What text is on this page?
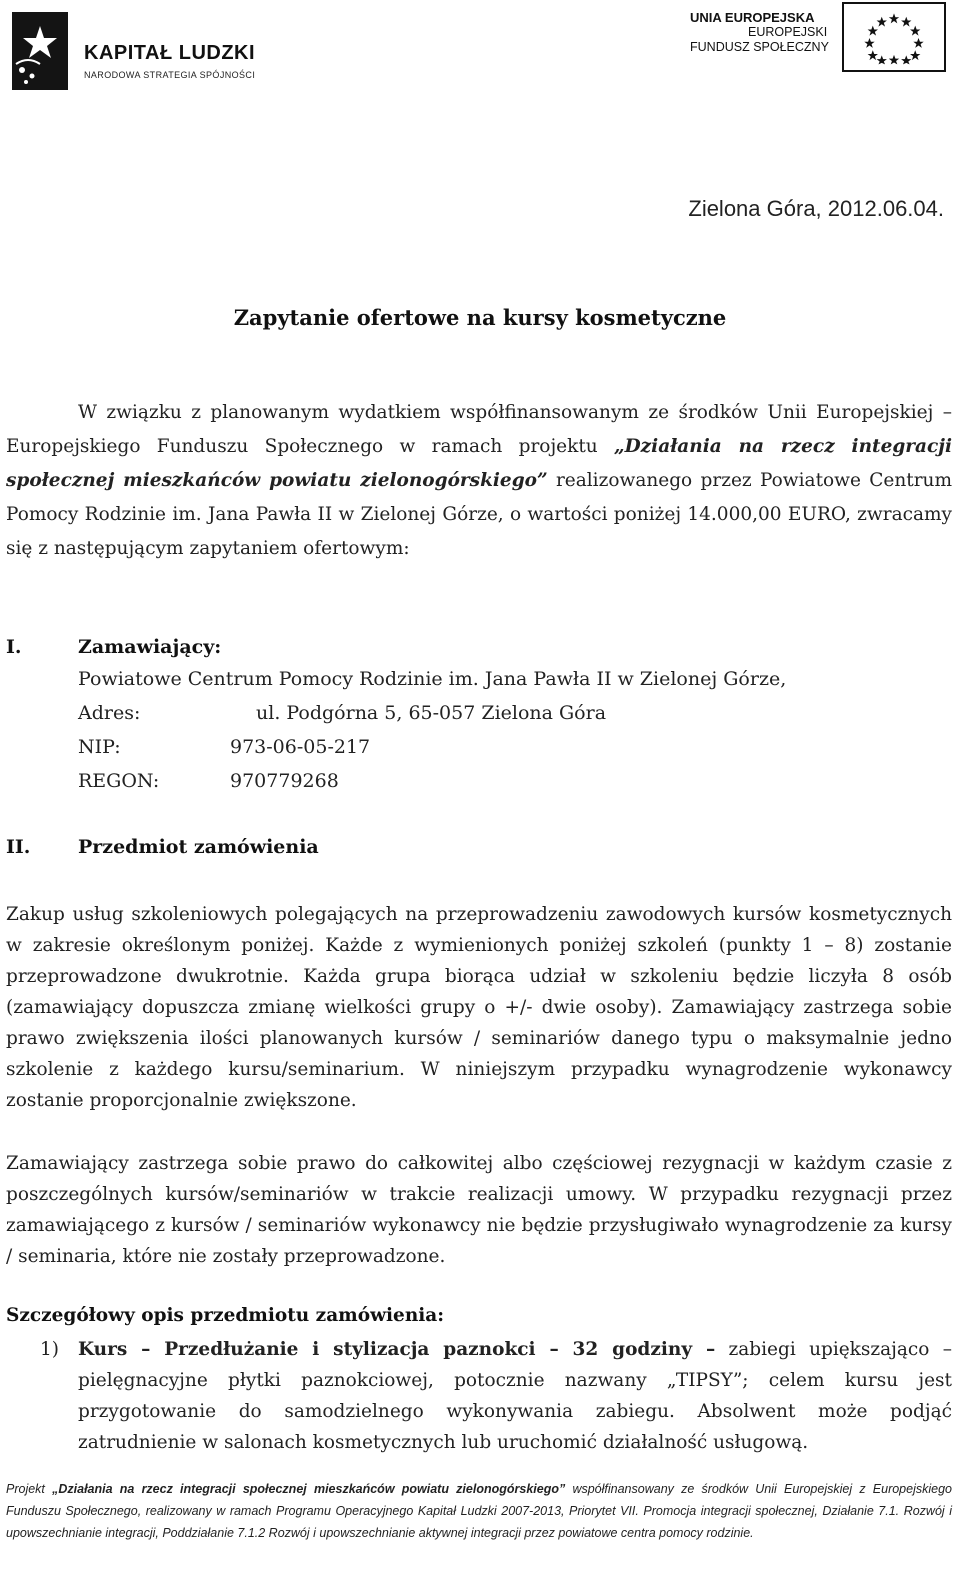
KAPITAŁ LUDZKI
NARODOWA STRATEGIA SPÓJNOŚCI
UNIA EUROPEJSKA
EUROPEJSKI
FUNDUSZ SPOŁECZNY
Zielona Góra, 2012.06.04.
Zapytanie ofertowe na kursy kosmetyczne
W związku z planowanym wydatkiem współfinansowanym ze środków Unii Europejskiej – Europejskiego Funduszu Społecznego w ramach projektu „Działania na rzecz integracji społecznej mieszkańców powiatu zielonogórskiego” realizowanego przez Powiatowe Centrum Pomocy Rodzinie im. Jana Pawła II w Zielonej Górze, o wartości poniżej 14.000,00 EURO, zwracamy się z następującym zapytaniem ofertowym:
I.	Zamawiający:
Powiatowe Centrum Pomocy Rodzinie im. Jana Pawła II w Zielonej Górze,
Adres:	ul. Podgórna 5, 65-057 Zielona Góra
NIP:	973-06-05-217
REGON:	970779268
II.	Przedmiot zamówienia
Zakup usług szkoleniowych polegających na przeprowadzeniu zawodowych kursów kosmetycznych w zakresie określonym poniżej. Każde z wymienionych poniżej szkoleń (punkty 1 – 8) zostanie przeprowadzone dwukrotnie. Każda grupa biorąca udział w szkoleniu będzie liczyła 8 osób (zamawiający dopuszcza zmianę wielkości grupy o +/- dwie osoby). Zamawiający zastrzega sobie prawo zwiększenia ilości planowanych kursów / seminariów danego typu o maksymalnie jedno szkolenie z każdego kursu/seminarium. W niniejszym przypadku wynagrodzenie wykonawcy zostanie proporcjonalnie zwiększone.
Zamawiający zastrzega sobie prawo do całkowitej albo częściowej rezygnacji w każdym czasie z poszczególnych kursów/seminariów w trakcie realizacji umowy. W przypadku rezygnacji przez zamawiającego z kursów / seminariów wykonawcy nie będzie przysługiwało wynagrodzenie za kursy / seminaria, które nie zostały przeprowadzone.
Szczegółowy opis przedmiotu zamówienia:
1)	Kurs – Przedłużanie i stylizacja paznokci – 32 godziny – zabiegi upiększająco – pielęgnacyjne płytki paznokciowej, potocznie nazwany „TIPSY”; celem kursu jest przygotowanie do samodzielnego wykonywania zabiegu. Absolwent może podjąć zatrudnienie w salonach kosmetycznych lub uruchomić działalność usługową.
Projekt „Działania na rzecz integracji społecznej mieszkańców powiatu zielonogórskiego” współfinansowany ze środków Unii Europejskiej z Europejskiego Funduszu Społecznego, realizowany w ramach Programu Operacyjnego Kapitał Ludzki 2007-2013, Priorytet VII. Promocja integracji społecznej, Działanie 7.1. Rozwój i upowszechnianie integracji, Poddziałanie 7.1.2 Rozwój i upowszechnianie aktywnej integracji przez powiatowe centra pomocy rodzinie.
